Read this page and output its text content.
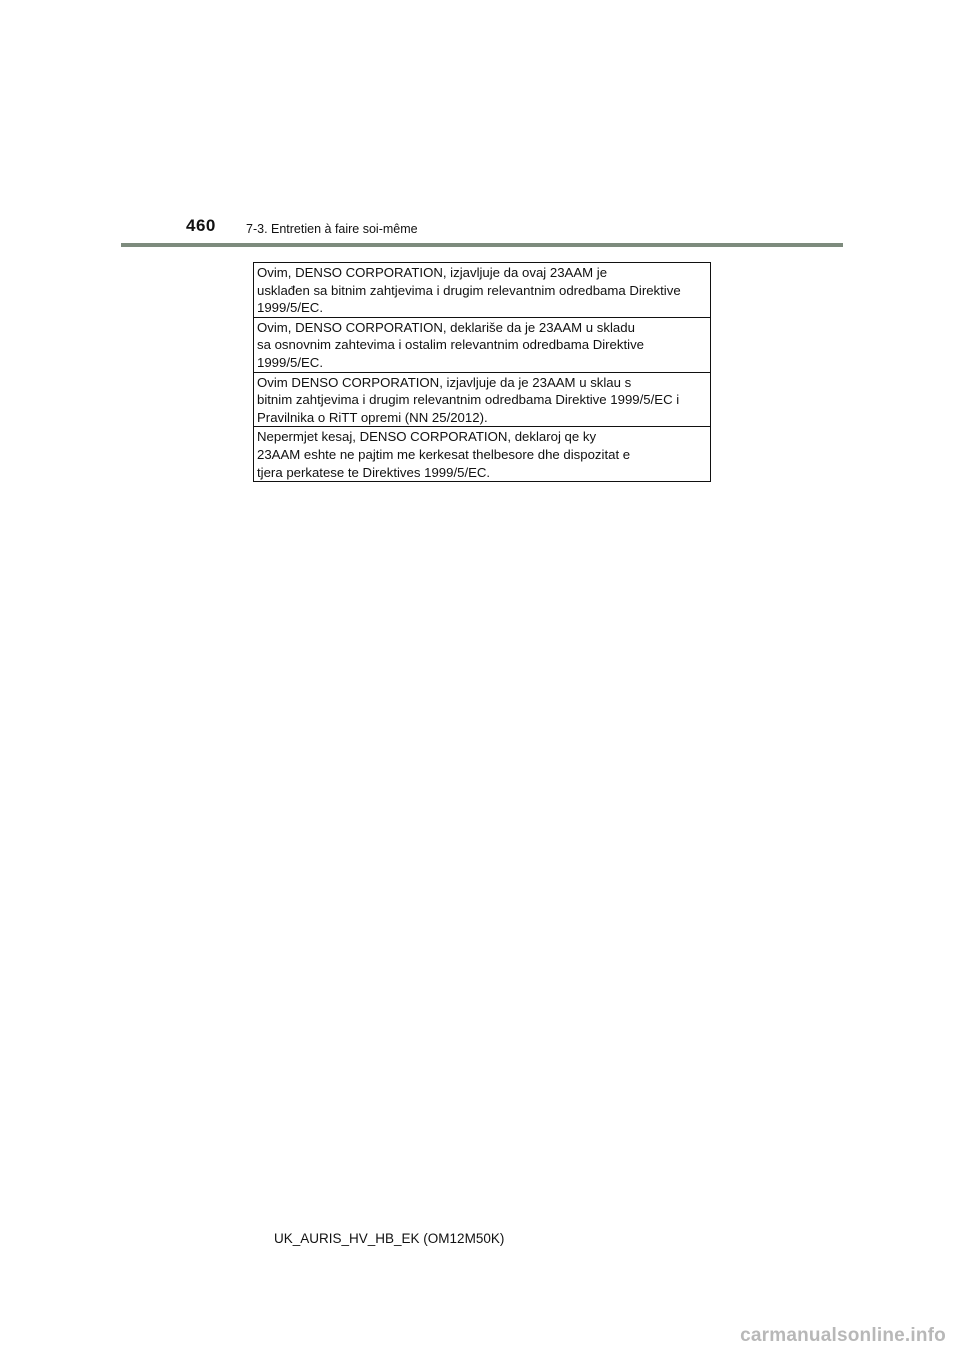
460 7-3. Entretien à faire soi-même
Ovim, DENSO CORPORATION, izjavljuje da ovaj 23AAM je
usklađen sa bitnim zahtjevima i drugim relevantnim odredbama Direktive
1999/5/EC.
Ovim, DENSO CORPORATION, deklariše da je 23AAM u skladu
sa osnovnim zahtevima i ostalim relevantnim odredbama Direktive
1999/5/EC.
Ovim DENSO CORPORATION, izjavljuje da je 23AAM u sklau s
bitnim zahtjevima i drugim relevantnim odredbama Direktive 1999/5/EC i
Pravilnika o RiTT opremi (NN 25/2012).
Nepermjet kesaj, DENSO CORPORATION, deklaroj qe ky
23AAM eshte ne pajtim me kerkesat thelbesore dhe dispozitat e
tjera perkatese te Direktives 1999/5/EC.
UK_AURIS_HV_HB_EK (OM12M50K)
carmanualsonline.info
